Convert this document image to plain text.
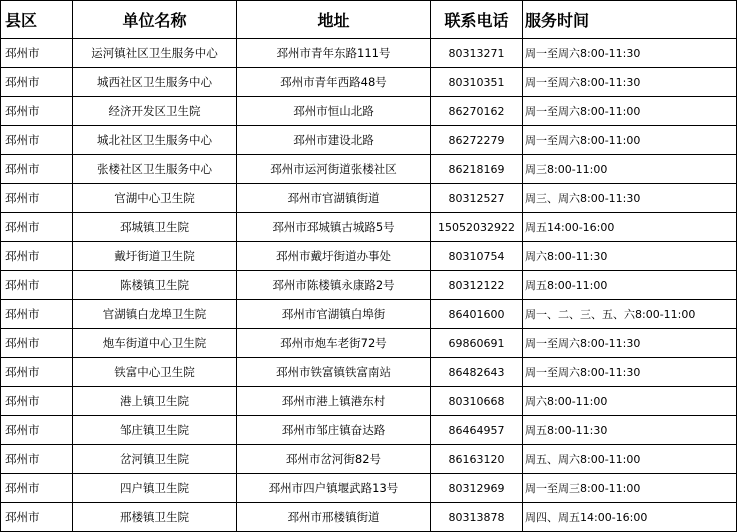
县区	单位名称	地址	联系电话	服务时间
邳州市	运河镇社区卫生服务中心	邳州市青年东路111号	80313271	周一至周六8:00-11:30
邳州市	城西社区卫生服务中心	邳州市青年西路48号	80310351	周一至周六8:00-11:30
邳州市	经济开发区卫生院	邳州市恒山北路	86270162	周一至周六8:00-11:00
邳州市	城北社区卫生服务中心	邳州市建设北路	86272279	周一至周六8:00-11:00
邳州市	张楼社区卫生服务中心	邳州市运河街道张楼社区	86218169	周三8:00-11:00
邳州市	官湖中心卫生院	邳州市官湖镇街道	80312527	周三、周六8:00-11:30
邳州市	邳城镇卫生院	邳州市邳城镇古城路5号	15052032922	周五14:00-16:00
邳州市	戴圩街道卫生院	邳州市戴圩街道办事处	80310754	周六8:00-11:30
邳州市	陈楼镇卫生院	邳州市陈楼镇永康路2号	80312122	周五8:00-11:00
邳州市	官湖镇白龙埠卫生院	邳州市官湖镇白埠街	86401600	周一、二、三、五、六8:00-11:00
邳州市	炮车街道中心卫生院	邳州市炮车老街72号	69860691	周一至周六8:00-11:30
邳州市	铁富中心卫生院	邳州市铁富镇铁富南站	86482643	周一至周六8:00-11:30
邳州市	港上镇卫生院	邳州市港上镇港东村	80310668	周六8:00-11:00
邳州市	邹庄镇卫生院	邳州市邹庄镇奋达路	86464957	周五8:00-11:30
邳州市	岔河镇卫生院	邳州市岔河街82号	86163120	周五、周六8:00-11:00
邳州市	四户镇卫生院	邳州市四户镇堰武路13号	80312969	周一至周三8:00-11:00
邳州市	邢楼镇卫生院	邳州市邢楼镇街道	80313878	周四、周五14:00-16:00
